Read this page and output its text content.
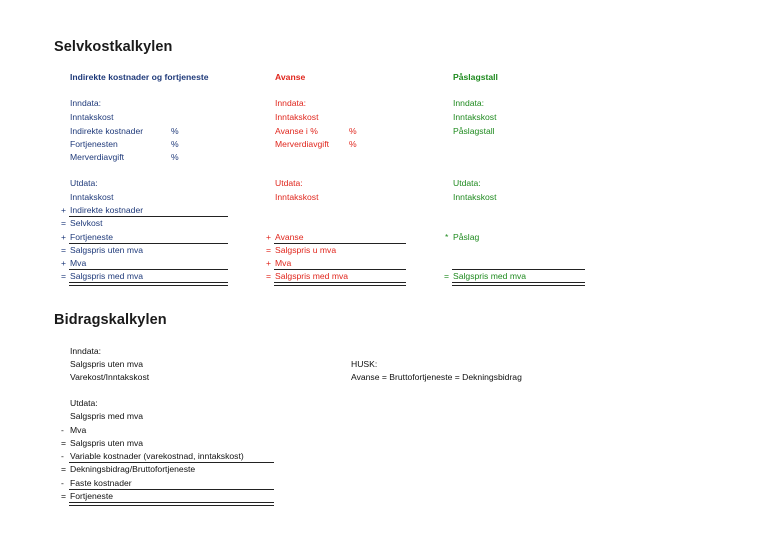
Selvkostkalkylen
Indirekte kostnader og fortjeneste
Inndata:
Inntakskost
Indirekte kostnader	%
Fortjenesten	%
Merverdiavgift	%
Utdata:
Inntakskost
+ Indirekte kostnader
= Selvkost
+ Fortjeneste
= Salgspris uten mva
+ Mva
= Salgspris med mva
Avanse
Inndata:
Inntakskost
Avanse i %	%
Merverdiavgift %
Utdata:
Inntakskost
+ Avanse
= Salgspris u mva
+ Mva
= Salgspris med mva
Påslagstall
Inndata:
Inntakskost
Påslagstall
Utdata:
Inntakskost
* Påslag
= Salgspris med mva
Bidragskalkylen
Inndata:
Salgspris uten mva
Varekost/Inntakskost
HUSK:
Avanse = Bruttofortjeneste = Dekningsbidrag
Utdata:
Salgspris med mva
- Mva
= Salgspris uten mva
- Variable kostnader (varekostnad, inntakskost)
= Dekningsbidrag/Bruttofortjeneste
- Faste kostnader
= Fortjeneste
